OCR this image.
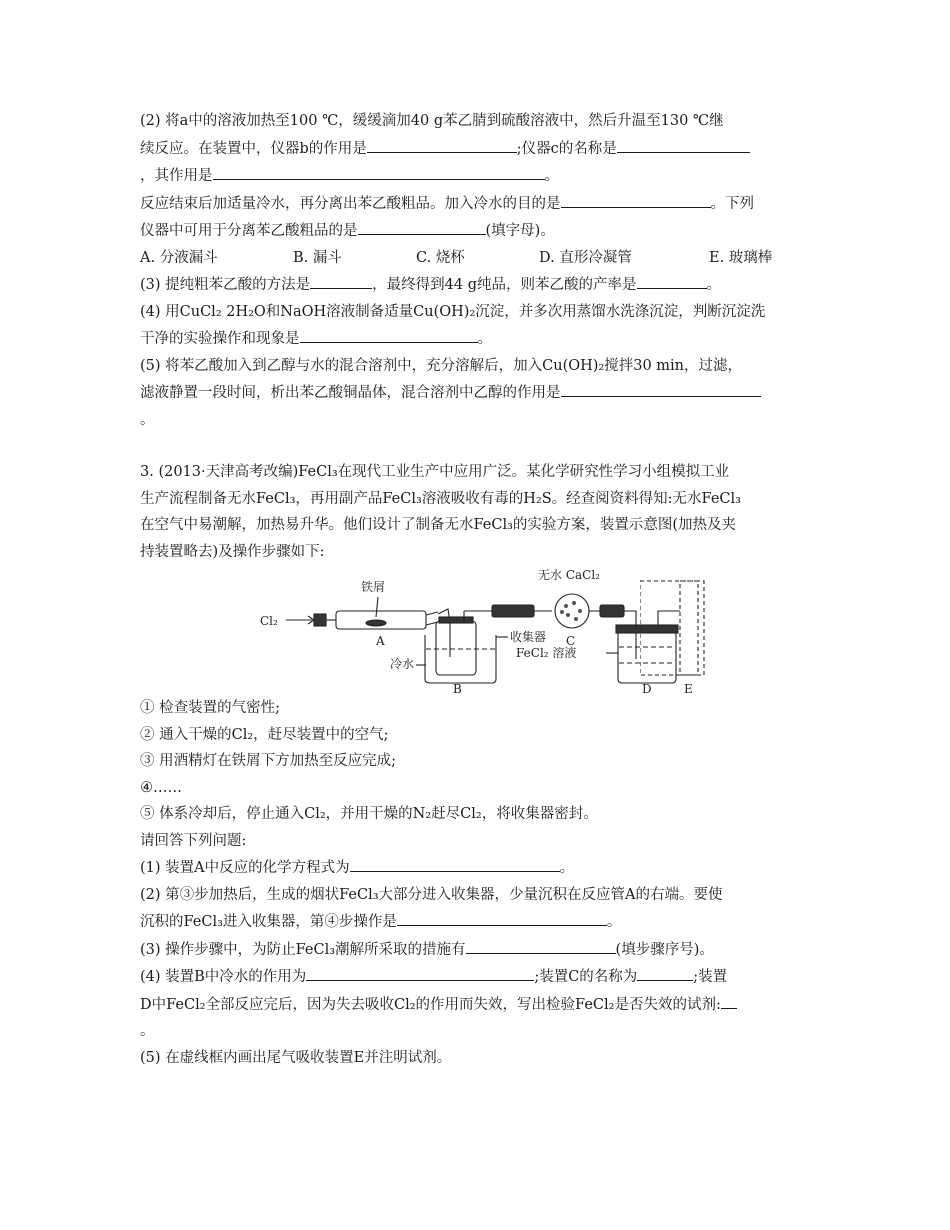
(2) 将a中的溶液加热至100 ℃，缓缓滴加40 g苯乙腈到硫酸溶液中，然后升温至130 ℃继

续反应。在装置中，仪器b的作用是	;仪器c的名称是

，其作用是	。

反应结束后加适量冷水，再分离出苯乙酸粗品。加入冷水的目的是	。下列

仪器中可用于分离苯乙酸粗品的是	(填字母)。

A. 分液漏斗	B. 漏斗	C. 烧杯	D. 直形冷凝管	E. 玻璃棒

(3) 提纯粗苯乙酸的方法是	，最终得到44 g纯品，则苯乙酸的产率是	。

(4) 用CuCl₂ 2H₂O和NaOH溶液制备适量Cu(OH)₂沉淀，并多次用蒸馏水洗涤沉淀，判断沉淀洗

干净的实验操作和现象是	。

(5) 将苯乙酸加入到乙醇与水的混合溶剂中，充分溶解后，加入Cu(OH)₂搅拌30 min，过滤，

滤液静置一段时间，析出苯乙酸铜晶体，混合溶剂中乙醇的作用是

。

3. (2013·天津高考改编)FeCl₃在现代工业生产中应用广泛。某化学研究性学习小组模拟工业

生产流程制备无水FeCl₃，再用副产品FeCl₃溶液吸收有毒的H₂S。经查阅资料得知:无水FeCl₃

在空气中易潮解，加热易升华。他们设计了制备无水FeCl₃的实验方案，装置示意图(加热及夹

持装置略去)及操作步骤如下:

Cl₂
铁屑
A	收集器
冷水
B
无水 CaCl₂
C
FeCl₂ 溶液
D	E

① 检查装置的气密性;

② 通入干燥的Cl₂，赶尽装置中的空气;

③ 用酒精灯在铁屑下方加热至反应完成;

④……

⑤ 体系冷却后，停止通入Cl₂，并用干燥的N₂赶尽Cl₂，将收集器密封。

请回答下列问题:

(1) 装置A中反应的化学方程式为	。

(2) 第③步加热后，生成的烟状FeCl₃大部分进入收集器，少量沉积在反应管A的右端。要使

沉积的FeCl₃进入收集器，第④步操作是	。

(3) 操作步骤中，为防止FeCl₃潮解所采取的措施有	(填步骤序号)。

(4) 装置B中冷水的作用为	;装置C的名称为	;装置

D中FeCl₂全部反应完后，因为失去吸收Cl₂的作用而失效，写出检验FeCl₂是否失效的试剂:

。

(5) 在虚线框内画出尾气吸收装置E并注明试剂。
